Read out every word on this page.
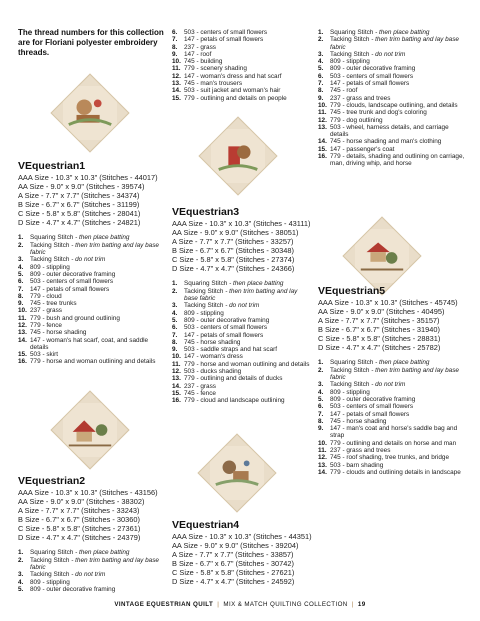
The thread numbers for this collection are for Floriani polyester embroidery threads.
VEquestrian1
AAA Size - 10.3" x 10.3" (Stitches - 44017)
AA Size - 9.0" x 9.0" (Stitches - 39574)
A Size - 7.7" x 7.7" (Stitches - 34374)
B Size - 6.7" x 6.7" (Stitches - 31199)
C Size - 5.8" x 5.8" (Stitches - 28041)
D Size - 4.7" x 4.7" (Stitches - 24821)
1.	Squaring Stitch - then place batting
2.	Tacking Stitch - then trim batting and lay base fabric
3.	Tacking Stitch - do not trim
4.	809 - stippling
5.	809 - outer decorative framing
6.	503 - centers of small flowers
7.	147 - petals of small flowers
8.	779 - cloud
9.	745 - tree trunks
10. 237 - grass
11. 779 - bush and ground outlining
12. 779 - fence
13. 745 - horse shading
14. 147 - woman's hat scarf, coat, and saddle details
15. 503 - skirt
16. 779 - horse and woman outlining and details
VEquestrian2
AAA Size - 10.3" x 10.3" (Stitches - 43156)
AA Size - 9.0" x 9.0" (Stitches - 38302)
A Size - 7.7" x 7.7" (Stitches - 33243)
B Size - 6.7" x 6.7" (Stitches - 30360)
C Size - 5.8" x 5.8" (Stitches - 27361)
D Size - 4.7" x 4.7" (Stitches - 24379)
1.	Squaring Stitch - then place batting
2.	Tacking Stitch - then trim batting and lay base fabric
3.	Tacking Stitch - do not trim
4.	809 - stippling
5.	809 - outer decorative framing
6.	503 - centers of small flowers
7.	147 - petals of small flowers
8.	237 - grass
9.	147 - roof
10. 745 - building
11. 779 - scenery shading
12. 147 - woman's dress and hat scarf
13. 745 - man's trousers
14. 503 - suit jacket and woman's hair
15. 779 - outlining and details on people
VEquestrian3
AAA Size - 10.3" x 10.3" (Stitches - 43111)
AA Size - 9.0" x 9.0" (Stitches - 38051)
A Size - 7.7" x 7.7" (Stitches - 33257)
B Size - 6.7" x 6.7" (Stitches - 30348)
C Size - 5.8" x 5.8" (Stitches - 27374)
D Size - 4.7" x 4.7" (Stitches - 24366)
1.	Squaring Stitch - then place batting
2.	Tacking Stitch - then trim batting and lay base fabric
3.	Tacking Stitch - do not trim
4.	809 - stippling
5.	809 - outer decorative framing
6.	503 - centers of small flowers
7.	147 - petals of small flowers
8.	745 - horse shading
9.	503 - saddle straps and hat scarf
10. 147 - woman's dress
11. 779 - horse and woman outlining and details
12. 503 - ducks shading
13. 779 - outlining and details of ducks
14. 237 - grass
15. 745 - fence
16. 779 - cloud and landscape outlining
VEquestrian4
AAA Size - 10.3" x 10.3" (Stitches - 44351)
AA Size - 9.0" x 9.0" (Stitches - 39204)
A Size - 7.7" x 7.7" (Stitches - 33857)
B Size - 6.7" x 6.7" (Stitches - 30742)
C Size - 5.8" x 5.8" (Stitches - 27621)
D Size - 4.7" x 4.7" (Stitches - 24592)
1.	Squaring Stitch - then place batting
2.	Tacking Stitch - then trim batting and lay base fabric
3.	Tacking Stitch - do not trim
4.	809 - stippling
5.	809 - outer decorative framing
6.	503 - centers of small flowers
7.	147 - petals of small flowers
8.	745 - roof
9.	237 - grass and trees
10. 779 - clouds, landscape outlining, and details
11. 745 - tree trunk and dog's coloring
12. 779 - dog outlining
13. 503 - wheel, harness details, and carriage details
14. 745 - horse shading and man's clothing
15. 147 - passenger's coat
16. 779 - details, shading and outlining on carriage, man, driving whip, and horse
VEquestrian5
AAA Size - 10.3" x 10.3" (Stitches - 45745)
AA Size - 9.0" x 9.0" (Stitches - 40495)
A Size - 7.7" x 7.7" (Stitches - 35157)
B Size - 6.7" x 6.7" (Stitches - 31940)
C Size - 5.8" x 5.8" (Stitches - 28831)
D Size - 4.7" x 4.7" (Stitches - 25782)
1.	Squaring Stitch - then place batting
2.	Tacking Stitch - then trim batting and lay base fabric
3.	Tacking Stitch - do not trim
4.	809 - stippling
5.	809 - outer decorative framing
6.	503 - centers of small flowers
7.	147 - petals of small flowers
8.	745 - horse shading
9.	147 - man's coat and horse's saddle bag and strap
10. 779 - outlining and details on horse and man
11. 237 - grass and trees
12. 745 - roof shading, tree trunks, and bridge
13. 503 - barn shading
14. 779 - clouds and outlining details in landscape
VINTAGE EQUESTRIAN QUILT | MIX & MATCH QUILTING COLLECTION | 19
